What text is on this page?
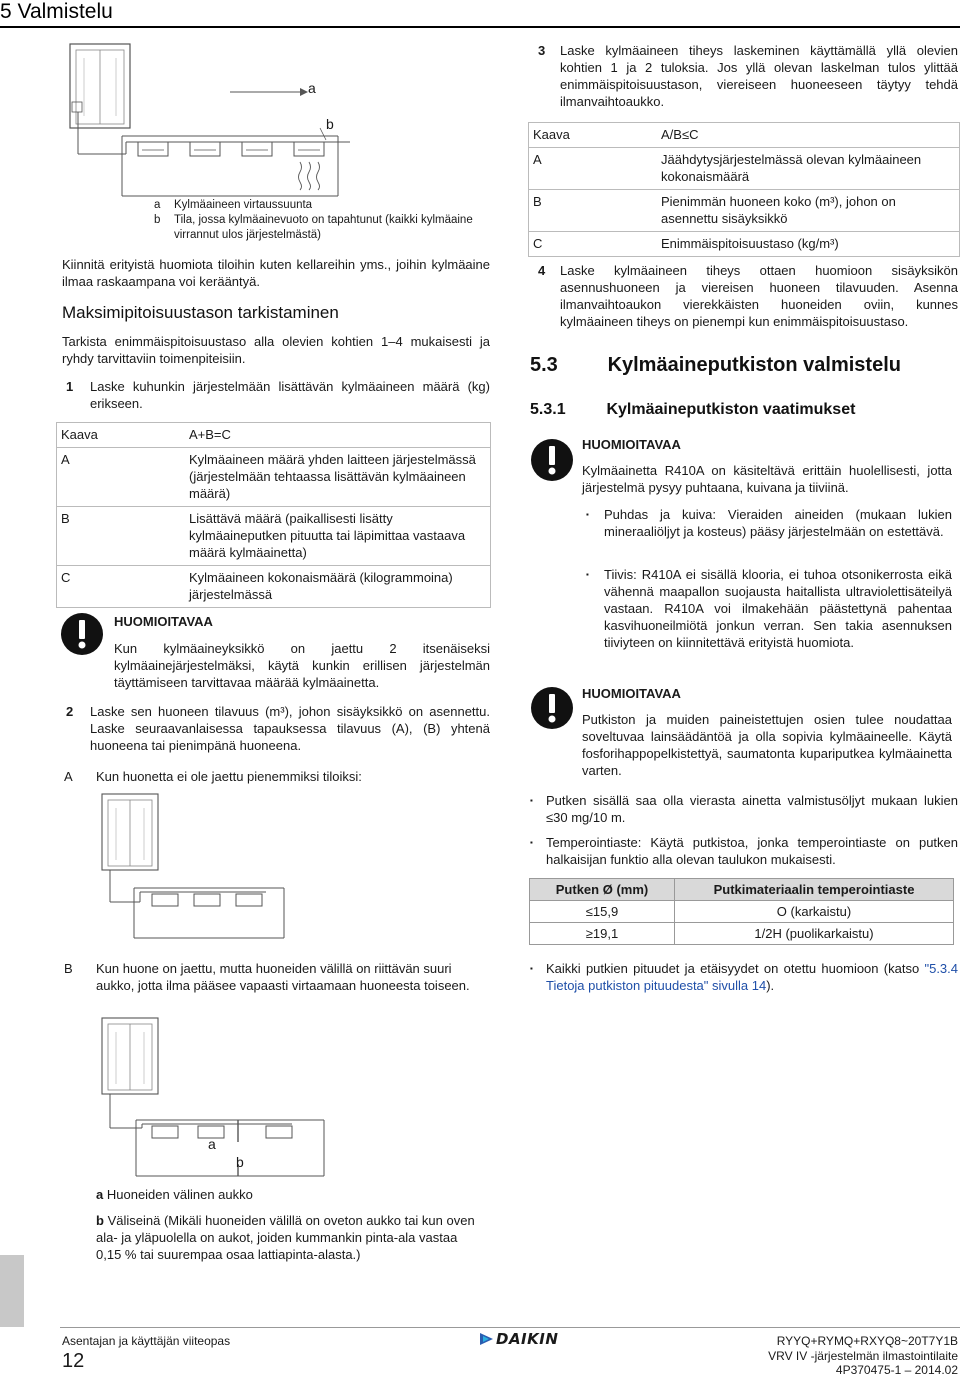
5 Valmistelu
a
b
a	Kylmäaineen virtaussuunta
b	Tila, jossa kylmäainevuoto on tapahtunut (kaikki kylmäaine virrannut ulos järjestelmästä)
Kiinnitä erityistä huomiota tiloihin kuten kellareihin yms., joihin kylmäaine ilmaa raskaampana voi kerääntyä.
Maksimipitoisuustason tarkistaminen
Tarkista enimmäispitoisuustaso alla olevien kohtien 1–4 mukaisesti ja ryhdy tarvittaviin toimenpiteisiin.
1	Laske kuhunkin järjestelmään lisättävän kylmäaineen määrä (kg) erikseen.
Kaava	A+B=C
A	Kylmäaineen määrä yhden laitteen järjestelmässä (järjestelmään tehtaassa lisättävän kylmäaineen määrä)
B	Lisättävä määrä (paikallisesti lisätty kylmäaineputken pituutta tai läpimittaa vastaava määrä kylmäainetta)
C	Kylmäaineen kokonaismäärä (kilogrammoina) järjestelmässä
HUOMIOITAVAA
Kun kylmäaineyksikkö on jaettu 2 itsenäiseksi kylmäainejärjestelmäksi, käytä kunkin erillisen järjestelmän täyttämiseen tarvittavaa määrää kylmäainetta.
2	Laske sen huoneen tilavuus (m³), johon sisäyksikkö on asennettu. Laske seuraavanlaisessa tapauksessa tilavuus (A), (B) yhtenä huoneena tai pienimpänä huoneena.
A Kun huonetta ei ole jaettu pienemmiksi tiloiksi:
B Kun huone on jaettu, mutta huoneiden välillä on riittävän suuri aukko, jotta ilma pääsee vapaasti virtaamaan huoneesta toiseen.
a
b
a Huoneiden välinen aukko
b Väliseinä (Mikäli huoneiden välillä on oveton aukko tai kun oven ala- ja yläpuolella on aukot, joiden kummankin pinta-ala vastaa 0,15 % tai suurempaa osaa lattiapinta-alasta.)
3	Laske kylmäaineen tiheys laskeminen käyttämällä yllä olevien kohtien 1 ja 2 tuloksia. Jos yllä olevan laskelman tulos ylittää enimmäispitoisuustason, viereiseen huoneeseen täytyy tehdä ilmanvaihtoaukko.
Kaava	A/B≤C
A	Jäähdytysjärjestelmässä olevan kylmäaineen kokonaismäärä
B	Pienimmän huoneen koko (m³), johon on asennettu sisäyksikkö
C	Enimmäispitoisuustaso (kg/m³)
4	Laske kylmäaineen tiheys ottaen huomioon sisäyksikön asennushuoneen ja viereisen huoneen tilavuuden. Asenna ilmanvaihtoaukon vierekkäisten huoneiden oviin, kunnes kylmäaineen tiheys on pienempi kun enimmäispitoisuustaso.
5.3 Kylmäaineputkiston valmistelu
5.3.1	Kylmäaineputkiston vaatimukset
HUOMIOITAVAA
Kylmäainetta R410A on käsiteltävä erittäin huolellisesti, jotta järjestelmä pysyy puhtaana, kuivana ja tiiviinä.
▪	Puhdas ja kuiva: Vieraiden aineiden (mukaan lukien mineraaliöljyt ja kosteus) pääsy järjestelmään on estettävä.
▪	Tiivis: R410A ei sisällä klooria, ei tuhoa otsonikerrosta eikä vähennä maapallon suojausta haitallista ultraviolettisäteilyä vastaan. R410A voi ilmakehään päästettynä pahentaa kasvihuoneilmiötä jonkun verran. Sen takia asennuksen tiiviyteen on kiinnitettävä erityistä huomiota.
HUOMIOITAVAA
Putkiston ja muiden paineistettujen osien tulee noudattaa soveltuvaa lainsäädäntöä ja olla sopivia kylmäaineelle. Käytä fosforihappopelkistettyä, saumatonta kupariputkea kylmäainetta varten.
▪	Putken sisällä saa olla vierasta ainetta valmistusöljyt mukaan lukien ≤30 mg/10 m.
▪	Temperointiaste: Käytä putkistoa, jonka temperointiaste on putken halkaisijan funktio alla olevan taulukon mukaisesti.
Putken Ø (mm)	Putkimateriaalin temperointiaste
≤15,9	O (karkaistu)
≥19,1	1/2H (puolikarkaistu)
▪	Kaikki putkien pituudet ja etäisyydet on otettu huomioon (katso "5.3.4 Tietoja putkiston pituudesta" sivulla 14).
Asentajan ja käyttäjän viiteopas
12
DAIKIN	RYYQ+RYMQ+RXYQ8~20T7Y1B
VRV IV -järjestelmän ilmastointilaite
4P370475-1 – 2014.02
